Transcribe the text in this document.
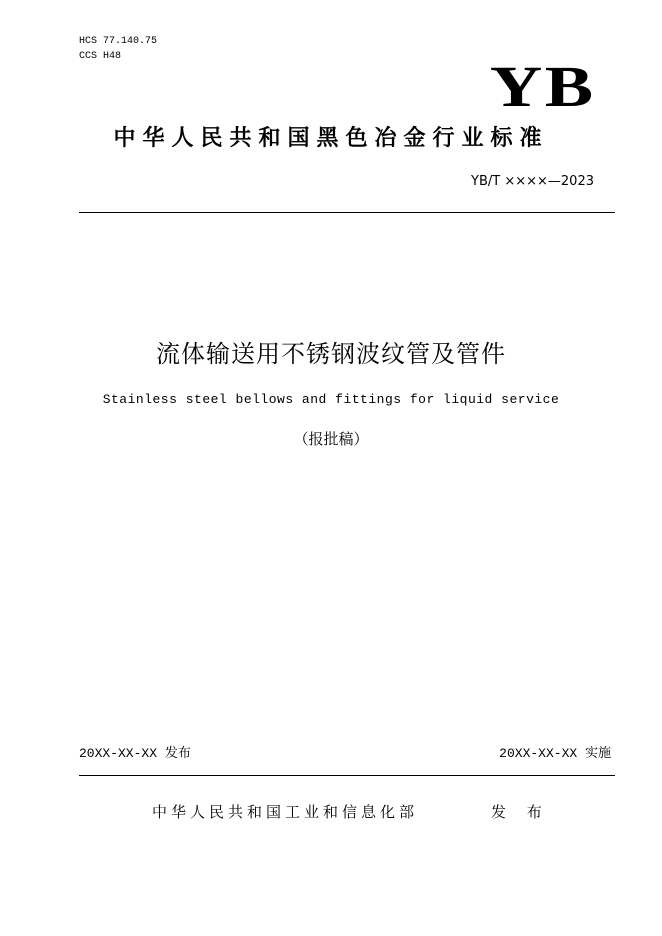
HCS 77.140.75
CCS H48	YB
中华人民共和国黑色冶金行业标准
YB/T ××××—2023
流体输送用不锈钢波纹管及管件
Stainless steel bellows and fittings for liquid service
（报批稿）
20XX-XX-XX 发布	20XX-XX-XX 实施
中华人民共和国工业和信息化部	发 布
